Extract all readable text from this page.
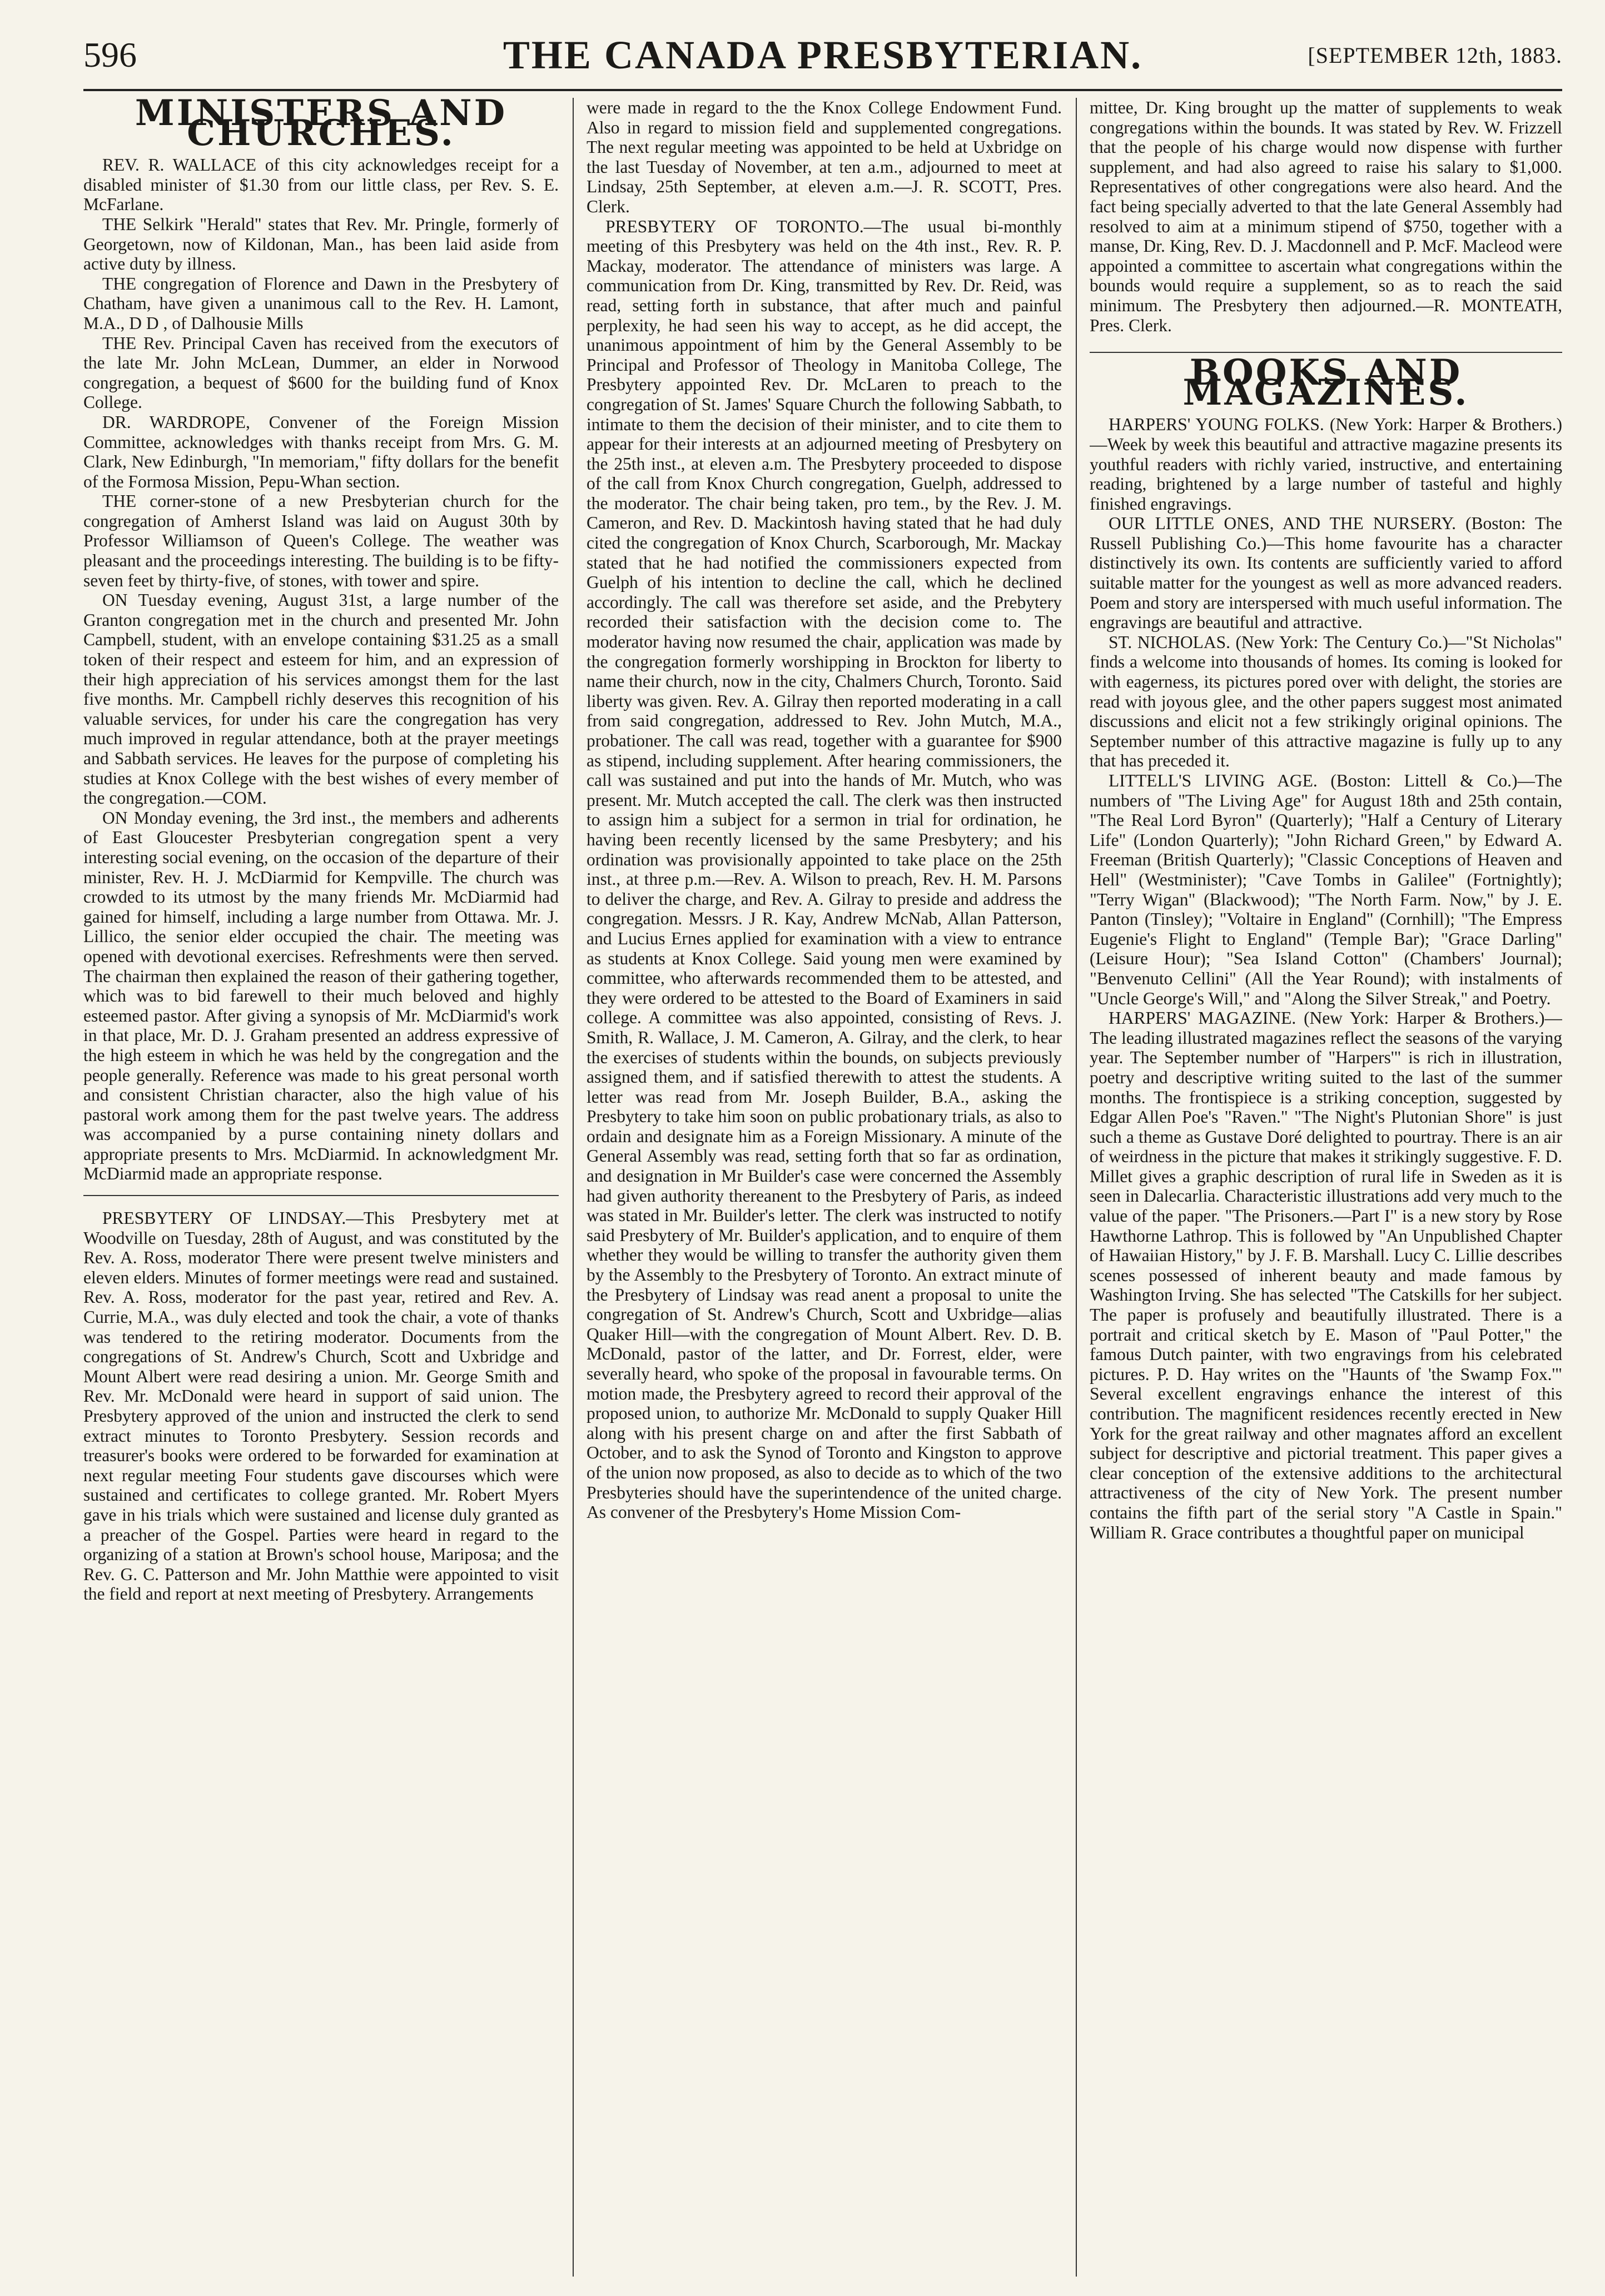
596	THE CANADA PRESBYTERIAN.	[SEPTEMBER 12th, 1883.
MINISTERS AND CHURCHES.

REV. R. WALLACE of this city acknowledges receipt for a disabled minister of $1.30 from our little class, per Rev. S. E. McFarlane.

THE Selkirk "Herald" states that Rev. Mr. Pringle, formerly of Georgetown, now of Kildonan, Man., has been laid aside from active duty by illness.

THE congregation of Florence and Dawn in the Presbytery of Chatham, have given a unanimous call to the Rev. H. Lamont, M.A., D D , of Dalhousie Mills

THE Rev. Principal Caven has received from the executors of the late Mr. John McLean, Dummer, an elder in Norwood congregation, a bequest of $600 for the building fund of Knox College.

DR. WARDROPE, Convener of the Foreign Mission Committee, acknowledges with thanks receipt from Mrs. G. M. Clark, New Edinburgh, "In memoriam," fifty dollars for the benefit of the Formosa Mission, Pepu-Whan section.

THE corner-stone of a new Presbyterian church for the congregation of Amherst Island was laid on August 30th by Professor Williamson of Queen's College. The weather was pleasant and the proceedings interesting. The building is to be fifty-seven feet by thirty-five, of stones, with tower and spire.

ON Tuesday evening, August 31st, a large number of the Granton congregation met in the church and presented Mr. John Campbell, student, with an envelope containing $31.25 as a small token of their respect and esteem for him, and an expression of their high appreciation of his services amongst them for the last five months. Mr. Campbell richly deserves this recognition of his valuable services, for under his care the congregation has very much improved in regular attendance, both at the prayer meetings and Sabbath services. He leaves for the purpose of completing his studies at Knox College with the best wishes of every member of the congregation.—COM.

ON Monday evening, the 3rd inst., the members and adherents of East Gloucester Presbyterian congregation spent a very interesting social evening, on the occasion of the departure of their minister, Rev. H. J. McDiarmid for Kempville. The church was crowded to its utmost by the many friends Mr. McDiarmid had gained for himself, including a large number from Ottawa. Mr. J. Lillico, the senior elder occupied the chair. The meeting was opened with devotional exercises. Refreshments were then served. The chairman then explained the reason of their gathering together, which was to bid farewell to their much beloved and highly esteemed pastor. After giving a synopsis of Mr. McDiarmid's work in that place, Mr. D. J. Graham presented an address expressive of the high esteem in which he was held by the congregation and the people generally. Reference was made to his great personal worth and consistent Christian character, also the high value of his pastoral work among them for the past twelve years. The address was accompanied by a purse containing ninety dollars and appropriate presents to Mrs. McDiarmid. In acknowledgment Mr. McDiarmid made an appropriate response.

PRESBYTERY OF LINDSAY.—This Presbytery met at Woodville on Tuesday, 28th of August, and was constituted by the Rev. A. Ross, moderator There were present twelve ministers and eleven elders. Minutes of former meetings were read and sustained. Rev. A. Ross, moderator for the past year, retired and Rev. A. Currie, M.A., was duly elected and took the chair, a vote of thanks was tendered to the retiring moderator. Documents from the congregations of St. Andrew's Church, Scott and Uxbridge and Mount Albert were read desiring a union. Mr. George Smith and Rev. Mr. McDonald were heard in support of said union. The Presbytery approved of the union and instructed the clerk to send extract minutes to Toronto Presbytery. Session records and treasurer's books were ordered to be forwarded for examination at next regular meeting Four students gave discourses which were sustained and certificates to college granted. Mr. Robert Myers gave in his trials which were sustained and license duly granted as a preacher of the Gospel. Parties were heard in regard to the organizing of a station at Brown's school house, Mariposa; and the Rev. G. C. Patterson and Mr. John Matthie were appointed to visit the field and report at next meeting of Presbytery. Arrangements

were made in regard to the the Knox College Endowment Fund. Also in regard to mission field and supplemented congregations. The next regular meeting was appointed to be held at Uxbridge on the last Tuesday of November, at ten a.m., adjourned to meet at Lindsay, 25th September, at eleven a.m.—J. R. SCOTT, Pres. Clerk.

PRESBYTERY OF TORONTO.—The usual bi-monthly meeting of this Presbytery was held on the 4th inst., Rev. R. P. Mackay, moderator. The attendance of ministers was large. A communication from Dr. King, transmitted by Rev. Dr. Reid, was read, setting forth in substance, that after much and painful perplexity, he had seen his way to accept, as he did accept, the unanimous appointment of him by the General Assembly to be Principal and Professor of Theology in Manitoba College, The Presbytery appointed Rev. Dr. McLaren to preach to the congregation of St. James' Square Church the following Sabbath, to intimate to them the decision of their minister, and to cite them to appear for their interests at an adjourned meeting of Presbytery on the 25th inst., at eleven a.m. The Presbytery proceeded to dispose of the call from Knox Church congregation, Guelph, addressed to the moderator. The chair being taken, pro tem., by the Rev. J. M. Cameron, and Rev. D. Mackintosh having stated that he had duly cited the congregation of Knox Church, Scarborough, Mr. Mackay stated that he had notified the commissioners expected from Guelph of his intention to decline the call, which he declined accordingly. The call was therefore set aside, and the Prebytery recorded their satisfaction with the decision come to. The moderator having now resumed the chair, application was made by the congregation formerly worshipping in Brockton for liberty to name their church, now in the city, Chalmers Church, Toronto. Said liberty was given. Rev. A. Gilray then reported moderating in a call from said congregation, addressed to Rev. John Mutch, M.A., probationer. The call was read, together with a guarantee for $900 as stipend, including supplement. After hearing commissioners, the call was sustained and put into the hands of Mr. Mutch, who was present. Mr. Mutch accepted the call. The clerk was then instructed to assign him a subject for a sermon in trial for ordination, he having been recently licensed by the same Presbytery; and his ordination was provisionally appointed to take place on the 25th inst., at three p.m.—Rev. A. Wilson to preach, Rev. H. M. Parsons to deliver the charge, and Rev. A. Gilray to preside and address the congregation. Messrs. J R. Kay, Andrew McNab, Allan Patterson, and Lucius Ernes applied for examination with a view to entrance as students at Knox College. Said young men were examined by committee, who afterwards recommended them to be attested, and they were ordered to be attested to the Board of Examiners in said college. A committee was also appointed, consisting of Revs. J. Smith, R. Wallace, J. M. Cameron, A. Gilray, and the clerk, to hear the exercises of students within the bounds, on subjects previously assigned them, and if satisfied therewith to attest the students. A letter was read from Mr. Joseph Builder, B.A., asking the Presbytery to take him soon on public probationary trials, as also to ordain and designate him as a Foreign Missionary. A minute of the General Assembly was read, setting forth that so far as ordination, and designation in Mr Builder's case were concerned the Assembly had given authority thereanent to the Presbytery of Paris, as indeed was stated in Mr. Builder's letter. The clerk was instructed to notify said Presbytery of Mr. Builder's application, and to enquire of them whether they would be willing to transfer the authority given them by the Assembly to the Presbytery of Toronto. An extract minute of the Presbytery of Lindsay was read anent a proposal to unite the congregation of St. Andrew's Church, Scott and Uxbridge—alias Quaker Hill—with the congregation of Mount Albert. Rev. D. B. McDonald, pastor of the latter, and Dr. Forrest, elder, were severally heard, who spoke of the proposal in favourable terms. On motion made, the Presbytery agreed to record their approval of the proposed union, to authorize Mr. McDonald to supply Quaker Hill along with his present charge on and after the first Sabbath of October, and to ask the Synod of Toronto and Kingston to approve of the union now proposed, as also to decide as to which of the two Presbyteries should have the superintendence of the united charge. As convener of the Presbytery's Home Mission Com-

mittee, Dr. King brought up the matter of supplements to weak congregations within the bounds. It was stated by Rev. W. Frizzell that the people of his charge would now dispense with further supplement, and had also agreed to raise his salary to $1,000. Representatives of other congregations were also heard. And the fact being specially adverted to that the late General Assembly had resolved to aim at a minimum stipend of $750, together with a manse, Dr. King, Rev. D. J. Macdonnell and P. McF. Macleod were appointed a committee to ascertain what congregations within the bounds would require a supplement, so as to reach the said minimum. The Presbytery then adjourned.—R. MONTEATH, Pres. Clerk.

BOOKS AND MAGAZINES.

HARPERS' YOUNG FOLKS. (New York: Harper & Brothers.)—Week by week this beautiful and attractive magazine presents its youthful readers with richly varied, instructive, and entertaining reading, brightened by a large number of tasteful and highly finished engravings.

OUR LITTLE ONES, AND THE NURSERY. (Boston: The Russell Publishing Co.)—This home favourite has a character distinctively its own. Its contents are sufficiently varied to afford suitable matter for the youngest as well as more advanced readers. Poem and story are interspersed with much useful information. The engravings are beautiful and attractive.

ST. NICHOLAS. (New York: The Century Co.)—"St Nicholas" finds a welcome into thousands of homes. Its coming is looked for with eagerness, its pictures pored over with delight, the stories are read with joyous glee, and the other papers suggest most animated discussions and elicit not a few strikingly original opinions. The September number of this attractive magazine is fully up to any that has preceded it.

LITTELL'S LIVING AGE. (Boston: Littell & Co.)—The numbers of "The Living Age" for August 18th and 25th contain, "The Real Lord Byron" (Quarterly); "Half a Century of Literary Life" (London Quarterly); "John Richard Green," by Edward A. Freeman (British Quarterly); "Classic Conceptions of Heaven and Hell" (Westminister); "Cave Tombs in Galilee" (Fortnightly); "Terry Wigan" (Blackwood); "The North Farm. Now," by J. E. Panton (Tinsley); "Voltaire in England" (Cornhill); "The Empress Eugenie's Flight to England" (Temple Bar); "Grace Darling" (Leisure Hour); "Sea Island Cotton" (Chambers' Journal); "Benvenuto Cellini" (All the Year Round); with instalments of "Uncle George's Will," and "Along the Silver Streak," and Poetry.

HARPERS' MAGAZINE. (New York: Harper & Brothers.)—The leading illustrated magazines reflect the seasons of the varying year. The September number of "Harpers'" is rich in illustration, poetry and descriptive writing suited to the last of the summer months. The frontispiece is a striking conception, suggested by Edgar Allen Poe's "Raven." "The Night's Plutonian Shore" is just such a theme as Gustave Doré delighted to pourtray. There is an air of weirdness in the picture that makes it strikingly suggestive. F. D. Millet gives a graphic description of rural life in Sweden as it is seen in Dalecarlia. Characteristic illustrations add very much to the value of the paper. "The Prisoners.—Part I" is a new story by Rose Hawthorne Lathrop. This is followed by "An Unpublished Chapter of Hawaiian History," by J. F. B. Marshall. Lucy C. Lillie describes scenes possessed of inherent beauty and made famous by Washington Irving. She has selected "The Catskills for her subject. The paper is profusely and beautifully illustrated. There is a portrait and critical sketch by E. Mason of "Paul Potter," the famous Dutch painter, with two engravings from his celebrated pictures. P. D. Hay writes on the "Haunts of 'the Swamp Fox.'" Several excellent engravings enhance the interest of this contribution. The magnificent residences recently erected in New York for the great railway and other magnates afford an excellent subject for descriptive and pictorial treatment. This paper gives a clear conception of the extensive additions to the architectural attractiveness of the city of New York. The present number contains the fifth part of the serial story "A Castle in Spain." William R. Grace contributes a thoughtful paper on municipal
